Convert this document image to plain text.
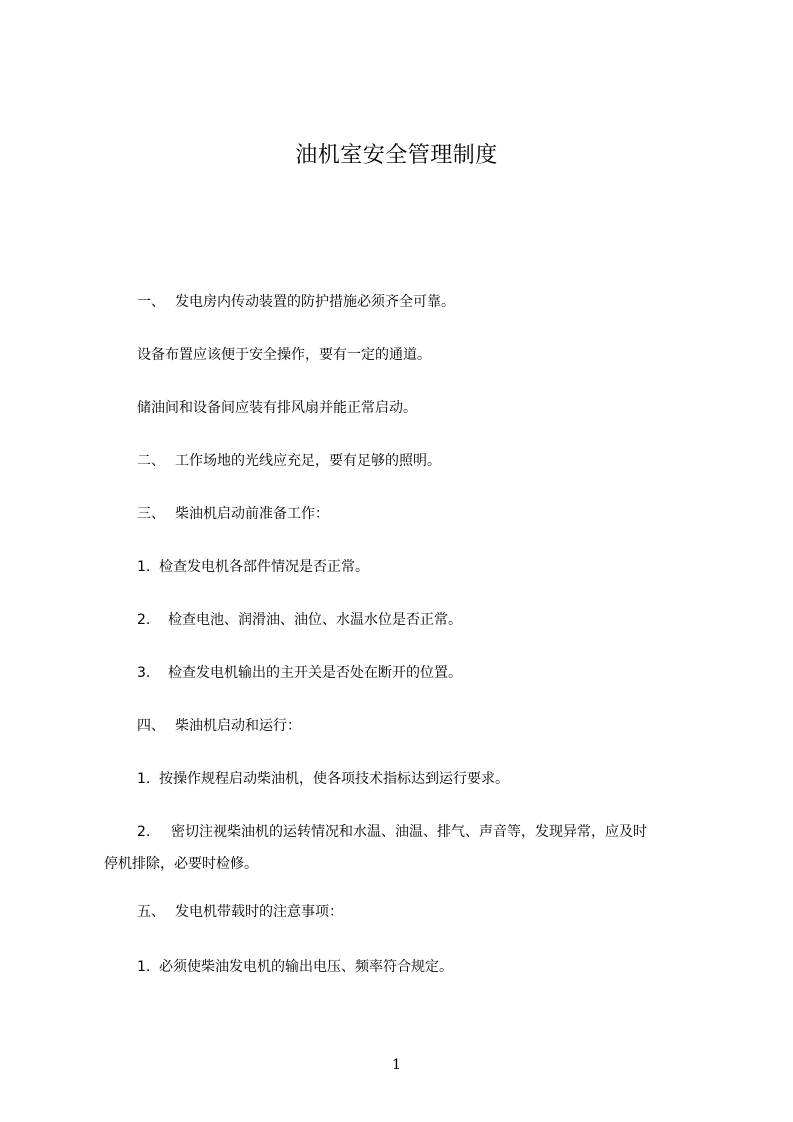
油机室安全管理制度
一、 发电房内传动装置的防护措施必须齐全可靠。
设备布置应该便于安全操作，要有一定的通道。
储油间和设备间应装有排风扇并能正常启动。
二、 工作场地的光线应充足，要有足够的照明。
三、 柴油机启动前准备工作：
1. 检查发电机各部件情况是否正常。
2. 检查电池、润滑油、油位、水温水位是否正常。
3. 检查发电机输出的主开关是否处在断开的位置。
四、 柴油机启动和运行：
1. 按操作规程启动柴油机，使各项技术指标达到运行要求。
2. 密切注视柴油机的运转情况和水温、油温、排气、声音等，发现异常，应及时
停机排除，必要时检修。
五、 发电机带载时的注意事项：
1. 必须使柴油发电机的输出电压、频率符合规定。
1
